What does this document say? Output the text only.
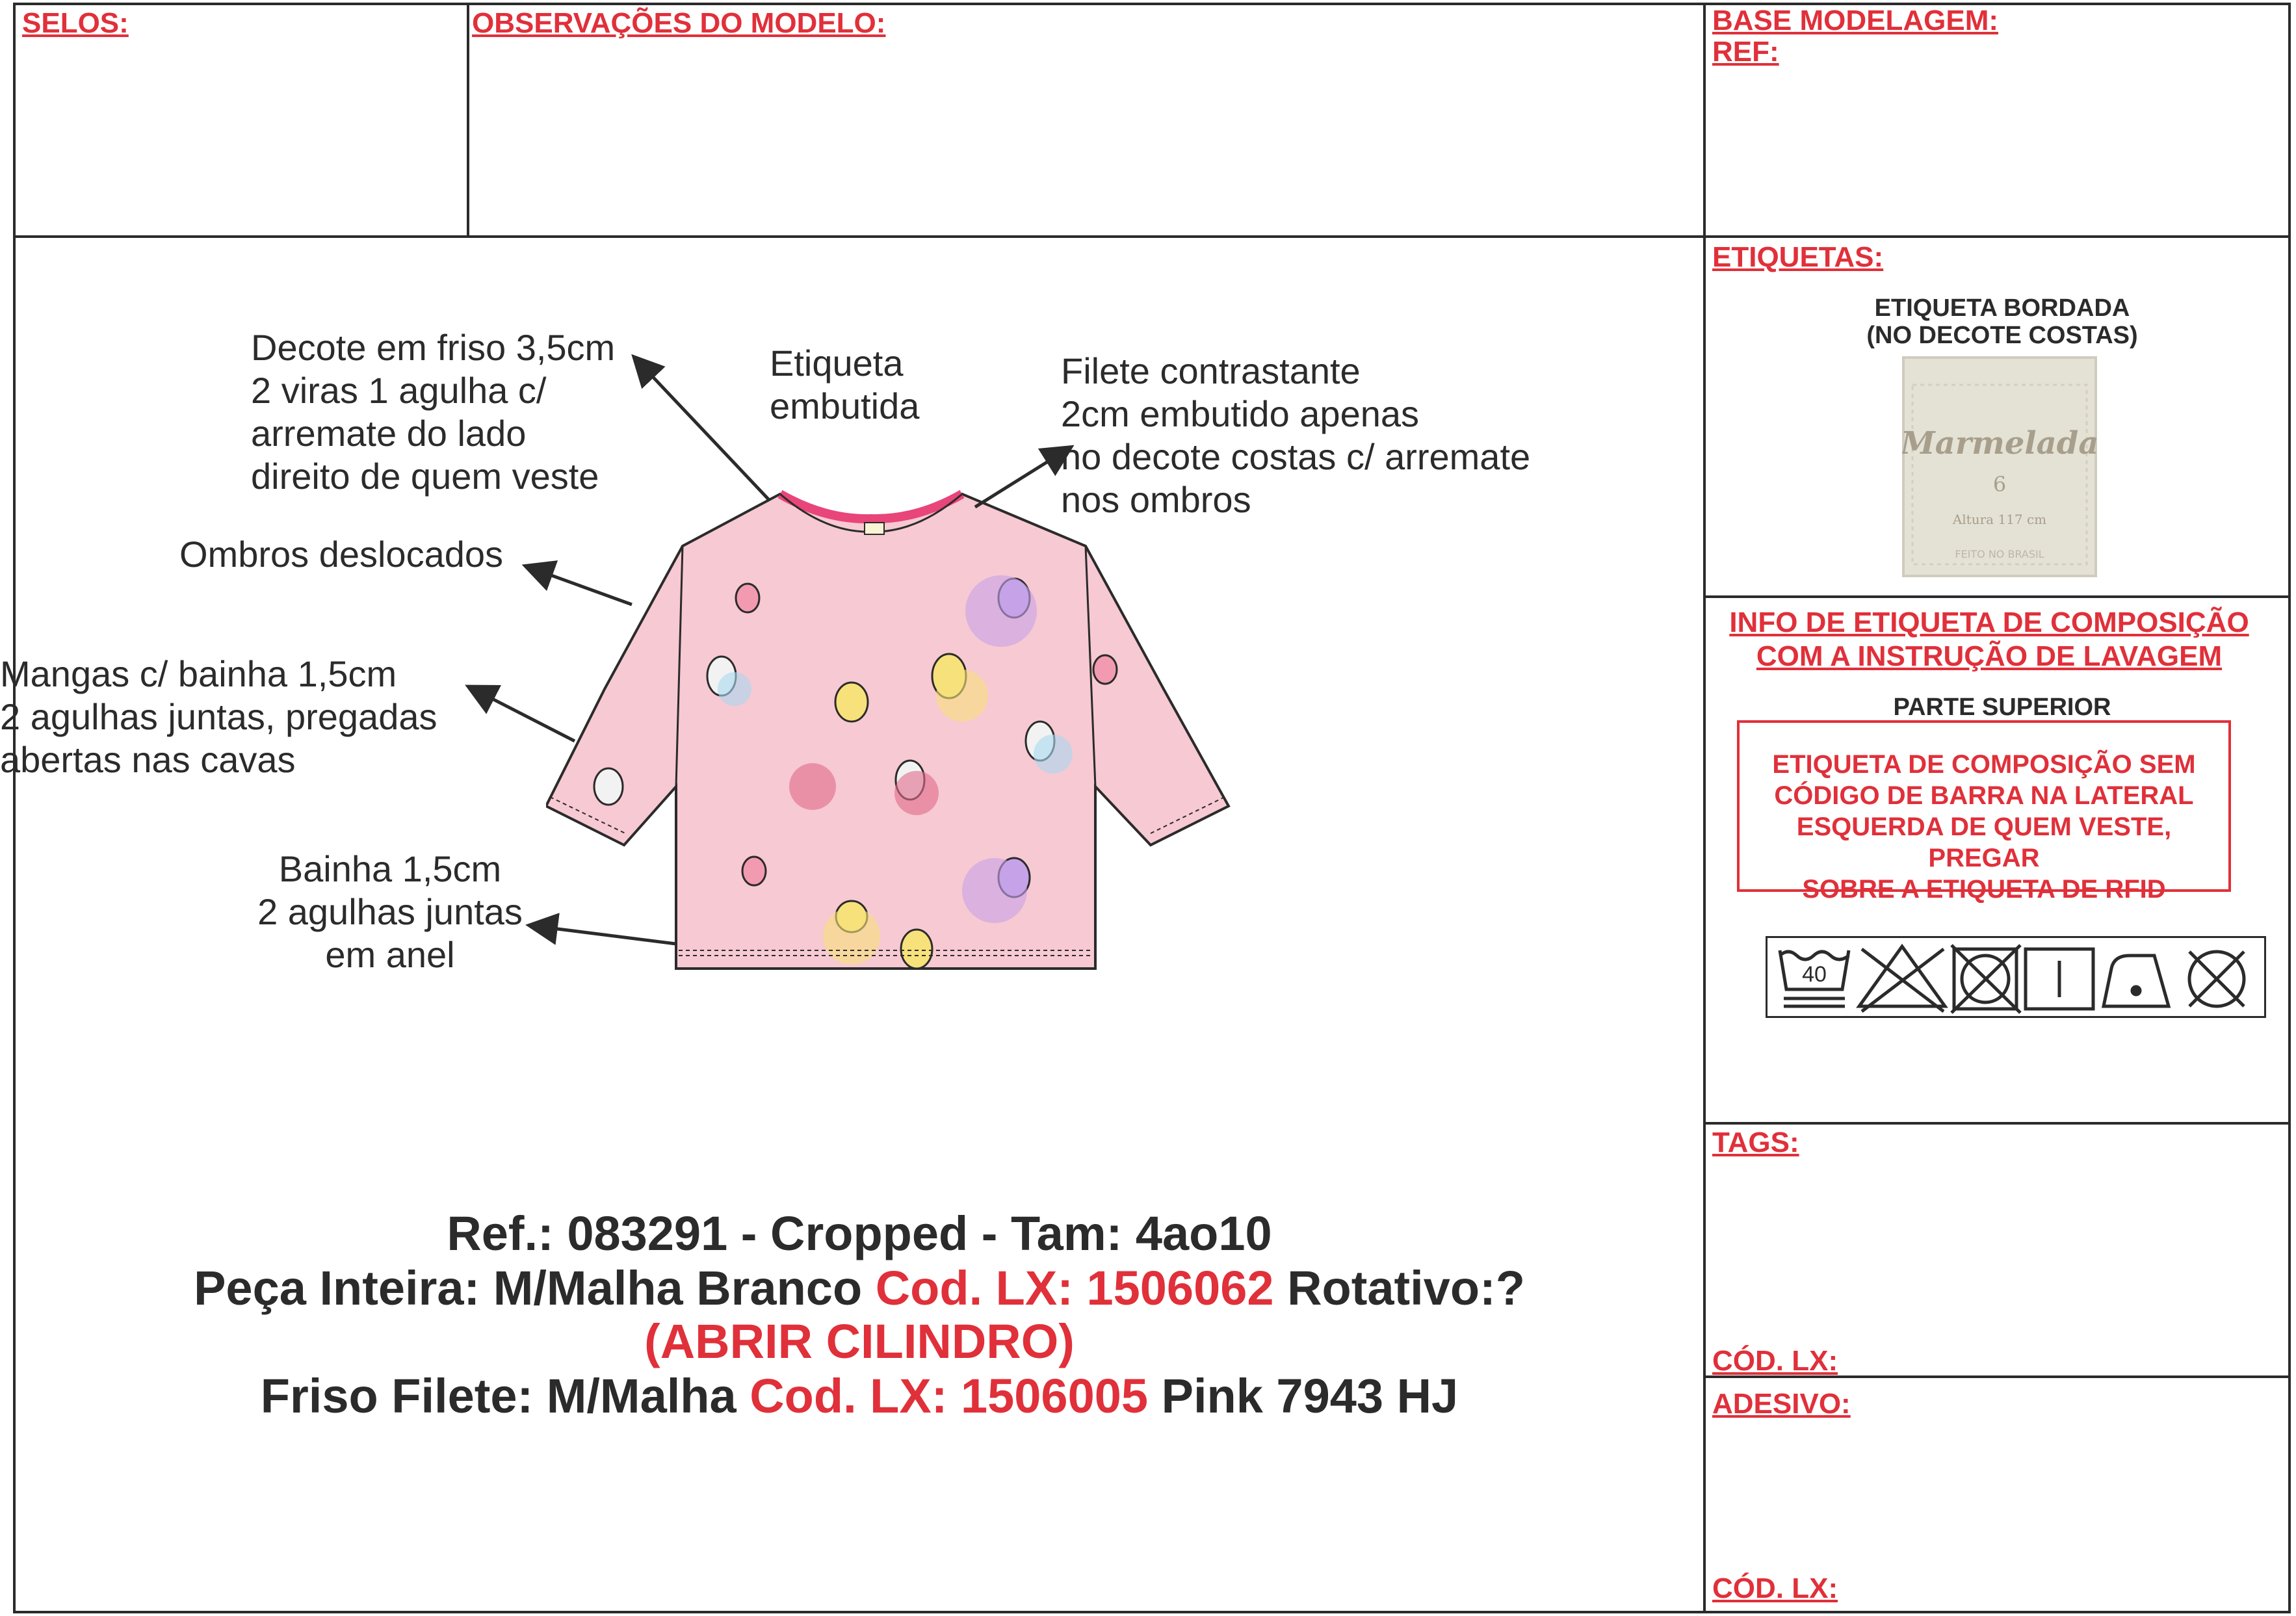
SELOS:	OBSERVAÇÕES DO MODELO:	BASE MODELAGEM:
REF:
ETIQUETAS:
ETIQUETA BORDADA
(NO DECOTE COSTAS)
Marmelada
6
Altura 117 cm
FEITO NO BRASIL
INFO DE ETIQUETA DE COMPOSIÇÃO
COM A INSTRUÇÃO DE LAVAGEM
PARTE SUPERIOR
ETIQUETA DE COMPOSIÇÃO SEM
CÓDIGO DE BARRA NA LATERAL
ESQUERDA DE QUEM VESTE, PREGAR
SOBRE A ETIQUETA DE RFID
40
TAGS:
CÓD. LX:
ADESIVO:
CÓD. LX:
Decote em friso 3,5cm
2 viras 1 agulha c/
arremate do lado
direito de quem veste
Etiqueta
embutida
Filete contrastante
2cm embutido apenas
no decote costas c/ arremate
nos ombros
Ombros deslocados
Mangas c/ bainha 1,5cm
2 agulhas juntas, pregadas
abertas nas cavas
Bainha 1,5cm
2 agulhas juntas
em anel
Ref.: 083291 - Cropped - Tam: 4ao10
Peça Inteira: M/Malha Branco Cod. LX: 1506062 Rotativo:?
(ABRIR CILINDRO)
Friso Filete: M/Malha Cod. LX: 1506005 Pink 7943 HJ
